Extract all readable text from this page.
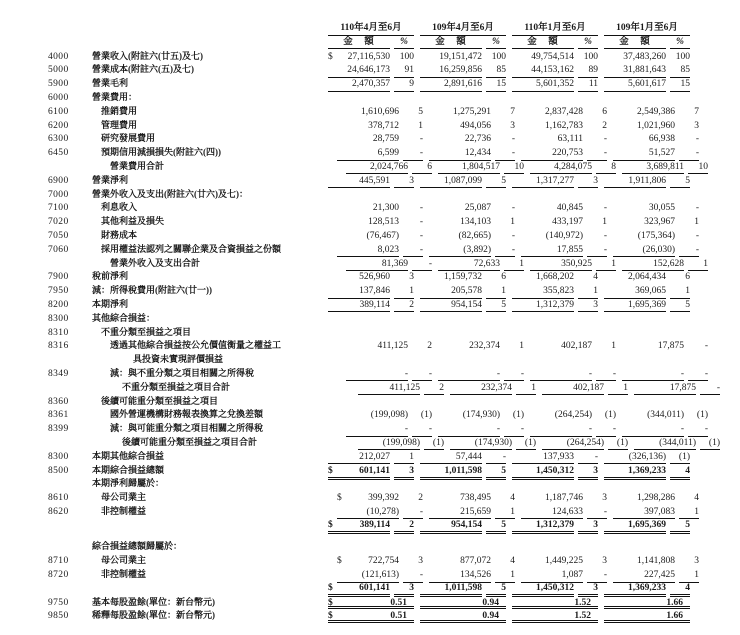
110年4月至6月	109年4月至6月	110年1月至6月	109年1月至6月
金　額	%	金　額	%	金　額	%	金　額	%
4000	營業收入(附註六(廿五)及七)	$ 27,116,530	100	19,151,472	100	49,754,514	100	37,483,260	100
5000	營業成本(附註六(五)及七)	24,646,173	91	16,259,856	85	44,153,162	89	31,881,643	85
5900	營業毛利	2,470,357	9	2,891,616	15	5,601,352	11	5,601,617	15
6000	營業費用：
6100	推銷費用	1,610,696	5	1,275,291	7	2,837,428	6	2,549,386	7
6200	管理費用	378,712	1	494,056	3	1,162,783	2	1,021,960	3
6300	研究發展費用	28,759	-	22,736	-	63,111	-	66,938	-
6450	預期信用減損損失(附註六(四))	6,599	-	12,434	-	220,753	-	51,527	-
營業費用合計	2,024,766	6	1,804,517	10	4,284,075	8	3,689,811	10
6900	營業淨利	445,591	3	1,087,099	5	1,317,277	3	1,911,806	5
7000	營業外收入及支出(附註六(廿六)及七)：
7100	利息收入	21,300	-	25,087	-	40,845	-	30,055	-
7020	其他利益及損失	128,513	-	134,103	1	433,197	1	323,967	1
7050	財務成本	(76,467)	-	(82,665)	-	(140,972)	-	(175,364)	-
7060	採用權益法認列之關聯企業及合資損益之份額	8,023	-	(3,892)	-	17,855	-	(26,030)	-
營業外收入及支出合計	81,369	-	72,633	1	350,925	1	152,628	1
7900	稅前淨利	526,960	3	1,159,732	6	1,668,202	4	2,064,434	6
7950	減：所得稅費用(附註六(廿一))	137,846	1	205,578	1	355,823	1	369,065	1
8200	本期淨利	389,114	2	954,154	5	1,312,379	3	1,695,369	5
8300	其他綜合損益：
8310	不重分類至損益之項目
8316	透過其他綜合損益按公允價值衡量之權益工	411,125	2	232,374	1	402,187	1	17,875	-
具投資未實現評價損益
8349	減：與不重分類之項目相關之所得稅	-	-	-	-	-	-	-	-
不重分類至損益之項目合計	411,125	2	232,374	1	402,187	1	17,875	-
8360	後續可能重分類至損益之項目
8361	國外營運機構財務報表換算之兌換差額	(199,098)	(1)	(174,930)	(1)	(264,254)	(1)	(344,011)	(1)
8399	減：與可能重分類之項目相關之所得稅	-	-	-	-	-	-	-	-
後續可能重分類至損益之項目合計	(199,098)	(1)	(174,930)	(1)	(264,254)	(1)	(344,011)	(1)
8300	本期其他綜合損益	212,027	1	57,444	-	137,933	-	(326,136)	(1)
8500	本期綜合損益總額	$	601,141	3	1,011,598	5	1,450,312	3	1,369,233	4
本期淨利歸屬於：
8610	母公司業主	$	399,392	2	738,495	4	1,187,746	3	1,298,286	4
8620	非控制權益	(10,278)	-	215,659	1	124,633	-	397,083	1
$	389,114	2	954,154	5	1,312,379	3	1,695,369	5
綜合損益總額歸屬於：
8710	母公司業主	$	722,754	3	877,072	4	1,449,225	3	1,141,808	3
8720	非控制權益	(121,613)	-	134,526	1	1,087	-	227,425	1
$	601,141	3	1,011,598	5	1,450,312	3	1,369,233	4
9750	基本每股盈餘(單位：新台幣元)	$	0.51	0.94	1.52	1.66
9850	稀釋每股盈餘(單位：新台幣元)	$	0.51	0.94	1.52	1.66
